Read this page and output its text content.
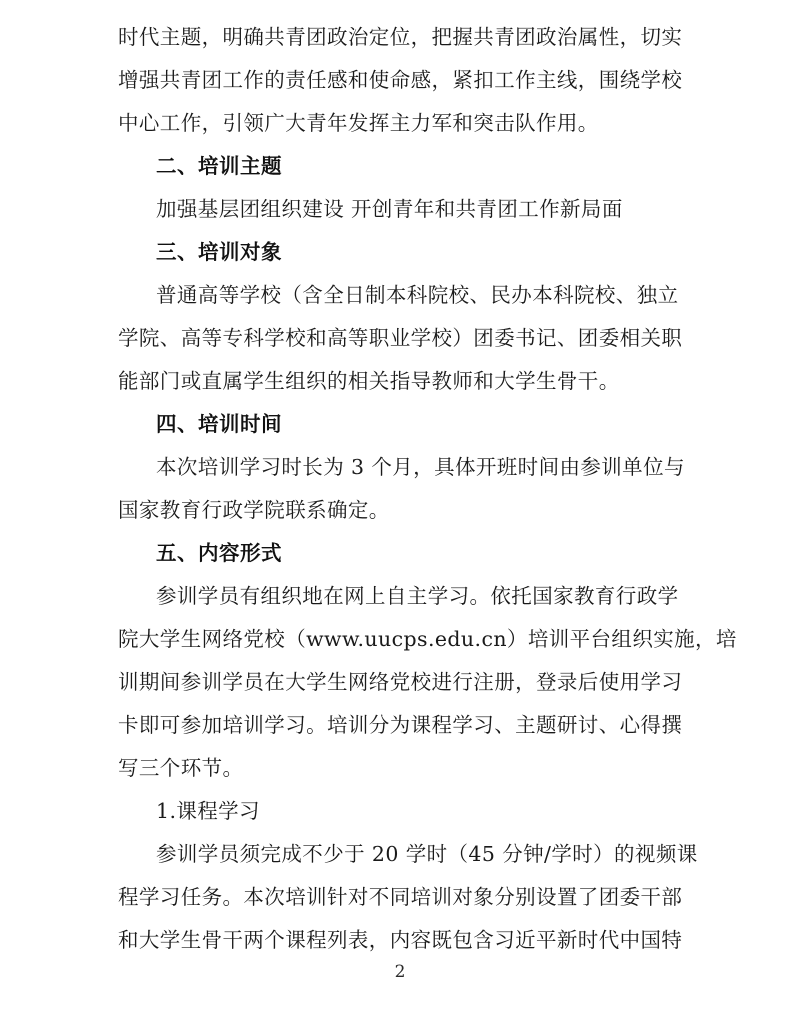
时代主题，明确共青团政治定位，把握共青团政治属性，切实
增强共青团工作的责任感和使命感，紧扣工作主线，围绕学校
中心工作，引领广大青年发挥主力军和突击队作用。
二、培训主题
加强基层团组织建设 开创青年和共青团工作新局面
三、培训对象
普通高等学校（含全日制本科院校、民办本科院校、独立
学院、高等专科学校和高等职业学校）团委书记、团委相关职
能部门或直属学生组织的相关指导教师和大学生骨干。
四、培训时间
本次培训学习时长为 3 个月，具体开班时间由参训单位与
国家教育行政学院联系确定。
五、内容形式
参训学员有组织地在网上自主学习。依托国家教育行政学
院大学生网络党校（www.uucps.edu.cn）培训平台组织实施，培
训期间参训学员在大学生网络党校进行注册，登录后使用学习
卡即可参加培训学习。培训分为课程学习、主题研讨、心得撰
写三个环节。
1.课程学习
参训学员须完成不少于 20 学时（45 分钟/学时）的视频课
程学习任务。本次培训针对不同培训对象分别设置了团委干部
和大学生骨干两个课程列表，内容既包含习近平新时代中国特
2
